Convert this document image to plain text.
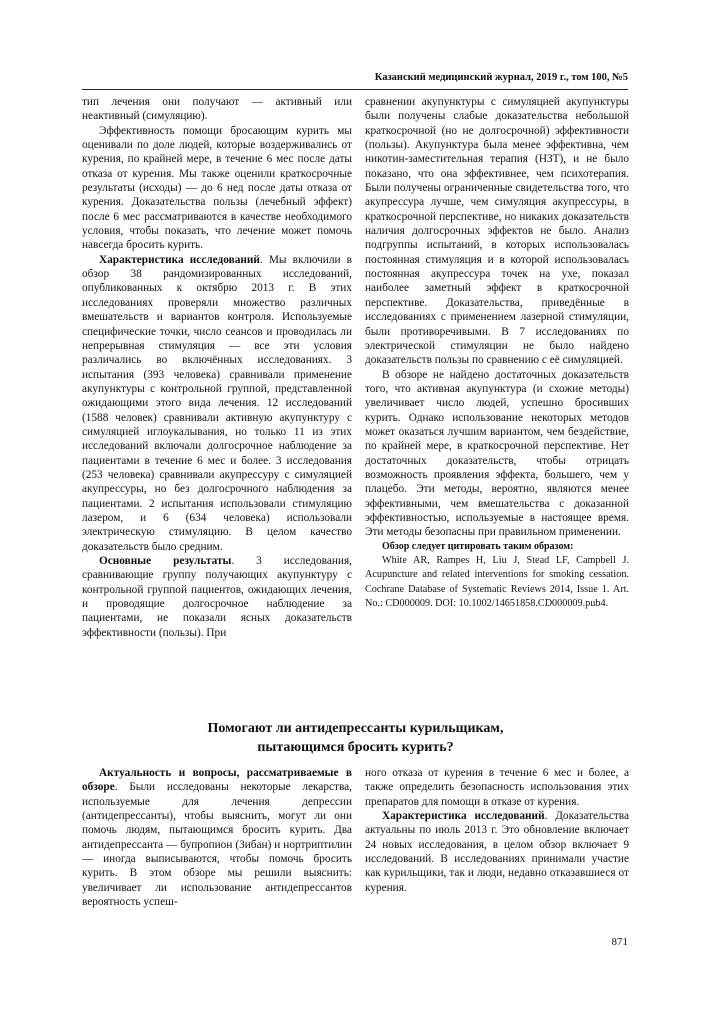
Казанский медицинский журнал, 2019 г., том 100, №5

тип лечения они получают — активный или неактивный (симуляцию).

Эффективность помощи бросающим курить мы оценивали по доле людей, которые воздерживались от курения, по крайней мере, в течение 6 мес после даты отказа от курения. Мы также оценили краткосрочные результаты (исходы) — до 6 нед после даты отказа от курения. Доказательства пользы (лечебный эффект) после 6 мес рассматриваются в качестве необходимого условия, чтобы показать, что лечение может помочь навсегда бросить курить.

Характеристика исследований. Мы включили в обзор 38 рандомизированных исследований, опубликованных к октябрю 2013 г. В этих исследованиях проверяли множество различных вмешательств и вариантов контроля. Используемые специфические точки, число сеансов и проводилась ли непрерывная стимуляция — все эти условия различались во включённых исследованиях. 3 испытания (393 человека) сравнивали применение акупунктуры с контрольной группой, представленной ожидающими этого вида лечения. 12 исследований (1588 человек) сравнивали активную акупунктуру с симуляцией иглоукалывания, но только 11 из этих исследований включали долгосрочное наблюдение за пациентами в течение 6 мес и более. 3 исследования (253 человека) сравнивали акупрессуру с симуляцией акупрессуры, но без долгосрочного наблюдения за пациентами. 2 испытания использовали стимуляцию лазером, и 6 (634 человека) использовали электрическую стимуляцию. В целом качество доказательств было средним.

Основные результаты. 3 исследования, сравнивающие группу получающих акупунктуру с контрольной группой пациентов, ожидающих лечения, и проводящие долгосрочное наблюдение за пациентами, не показали ясных доказательств эффективности (пользы). При

сравнении акупунктуры с симуляцией акупунктуры были получены слабые доказательства небольшой краткосрочной (но не долгосрочной) эффективности (пользы). Акупунктура была менее эффективна, чем никотин-заместительная терапия (НЗТ), и не было показано, что она эффективнее, чем психотерапия. Были получены ограниченные свидетельства того, что акупрессура лучше, чем симуляция акупрессуры, в краткосрочной перспективе, но никаких доказательств наличия долгосрочных эффектов не было. Анализ подгруппы испытаний, в которых использовалась постоянная стимуляция и в которой использовалась постоянная акупрессура точек на ухе, показал наиболее заметный эффект в краткосрочной перспективе. Доказательства, приведённые в исследованиях с применением лазерной стимуляции, были противоречивыми. В 7 исследованиях по электрической стимуляции не было найдено доказательств пользы по сравнению с её симуляцией.

В обзоре не найдено достаточных доказательств того, что активная акупунктура (и схожие методы) увеличивает число людей, успешно бросивших курить. Однако использование некоторых методов может оказаться лучшим вариантом, чем бездействие, по крайней мере, в краткосрочной перспективе. Нет достаточных доказательств, чтобы отрицать возможность проявления эффекта, большего, чем у плацебо. Эти методы, вероятно, являются менее эффективными, чем вмешательства с доказанной эффективностью, используемые в настоящее время. Эти методы безопасны при правильном применении.

Обзор следует цитировать таким образом:

White AR, Rampes H, Liu J, Stead LF, Campbell J. Acupuncture and related interventions for smoking cessation. Cochrane Database of Systematic Reviews 2014, Issue 1. Art. No.: CD000009. DOI: 10.1002/14651858.CD000009.pub4.

Помогают ли антидепрессанты курильщикам,
пытающимся бросить курить?

Актуальность и вопросы, рассматриваемые в обзоре. Были исследованы некоторые лекарства, используемые для лечения депрессии (антидепрессанты), чтобы выяснить, могут ли они помочь людям, пытающимся бросить курить. Два антидепрессанта — бупропион (Зибан) и нортриптилин — иногда выписываются, чтобы помочь бросить курить. В этом обзоре мы решили выяснить: увеличивает ли использование антидепрессантов вероятность успеш-

ного отказа от курения в течение 6 мес и более, а также определить безопасность использования этих препаратов для помощи в отказе от курения.

Характеристика исследований. Доказательства актуальны по июль 2013 г. Это обновление включает 24 новых исследования, в целом обзор включает 9 исследований. В исследованиях принимали участие как курильщики, так и люди, недавно отказавшиеся от курения.

871
